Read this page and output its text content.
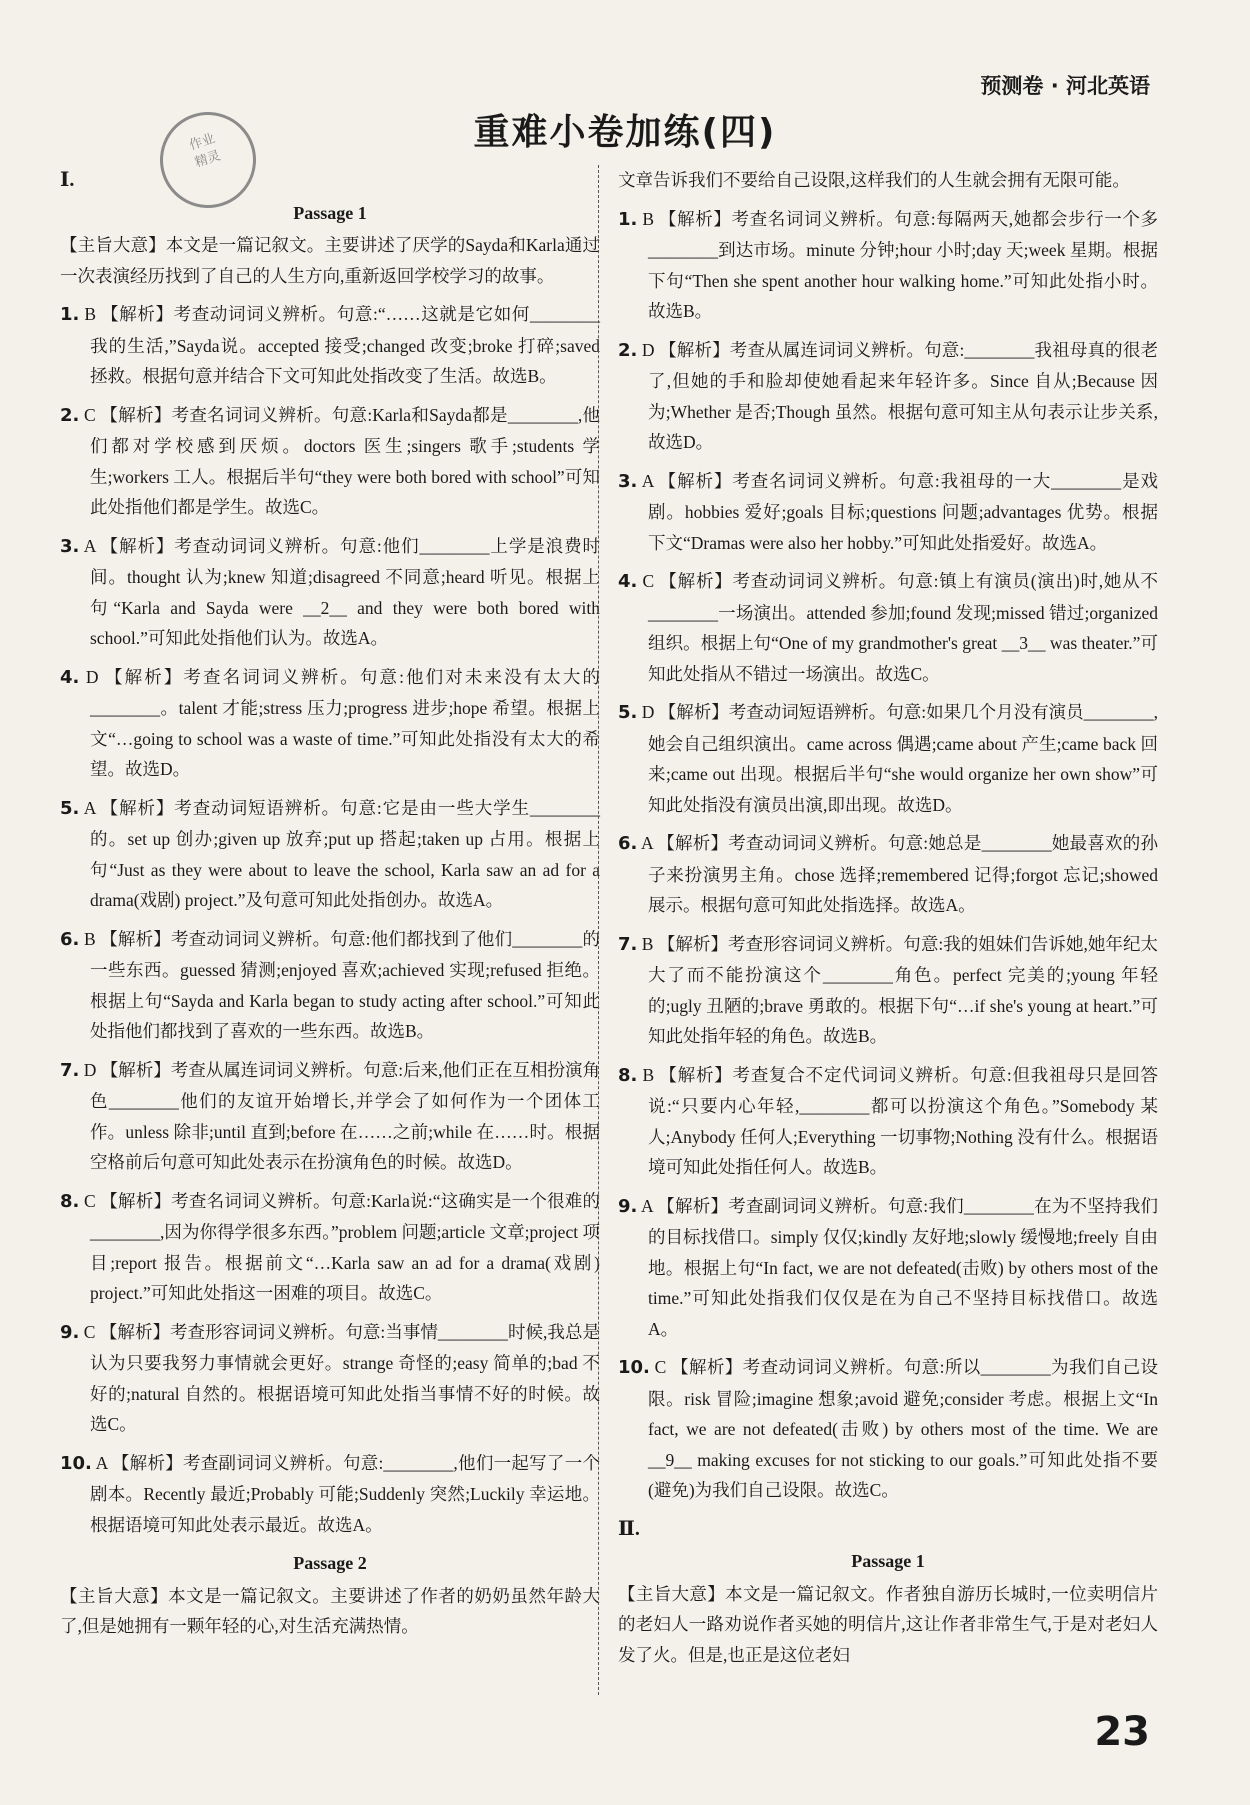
预测卷 · 河北英语
重难小卷加练(四)
作业
精灵
Ⅰ.
Passage 1
【主旨大意】本文是一篇记叙文。主要讲述了厌学的Sayda和Karla通过一次表演经历找到了自己的人生方向,重新返回学校学习的故事。
1. B 【解析】考查动词词义辨析。句意:“……这就是它如何________我的生活,”Sayda说。accepted 接受;changed 改变;broke 打碎;saved 拯救。根据句意并结合下文可知此处指改变了生活。故选B。
2. C 【解析】考查名词词义辨析。句意:Karla和Sayda都是________,他们都对学校感到厌烦。doctors 医生;singers 歌手;students 学生;workers 工人。根据后半句“they were both bored with school”可知此处指他们都是学生。故选C。
3. A 【解析】考查动词词义辨析。句意:他们________上学是浪费时间。thought 认为;knew 知道;disagreed 不同意;heard 听见。根据上句“Karla and Sayda were __2__ and they were both bored with school.”可知此处指他们认为。故选A。
4. D 【解析】考查名词词义辨析。句意:他们对未来没有太大的________。talent 才能;stress 压力;progress 进步;hope 希望。根据上文“…going to school was a waste of time.”可知此处指没有太大的希望。故选D。
5. A 【解析】考查动词短语辨析。句意:它是由一些大学生________的。set up 创办;given up 放弃;put up 搭起;taken up 占用。根据上句“Just as they were about to leave the school, Karla saw an ad for a drama(戏剧) project.”及句意可知此处指创办。故选A。
6. B 【解析】考查动词词义辨析。句意:他们都找到了他们________的一些东西。guessed 猜测;enjoyed 喜欢;achieved 实现;refused 拒绝。根据上句“Sayda and Karla began to study acting after school.”可知此处指他们都找到了喜欢的一些东西。故选B。
7. D 【解析】考查从属连词词义辨析。句意:后来,他们正在互相扮演角色________他们的友谊开始增长,并学会了如何作为一个团体工作。unless 除非;until 直到;before 在……之前;while 在……时。根据空格前后句意可知此处表示在扮演角色的时候。故选D。
8. C 【解析】考查名词词义辨析。句意:Karla说:“这确实是一个很难的________,因为你得学很多东西。”problem 问题;article 文章;project 项目;report 报告。根据前文“…Karla saw an ad for a drama(戏剧) project.”可知此处指这一困难的项目。故选C。
9. C 【解析】考查形容词词义辨析。句意:当事情________时候,我总是认为只要我努力事情就会更好。strange 奇怪的;easy 简单的;bad 不好的;natural 自然的。根据语境可知此处指当事情不好的时候。故选C。
10. A 【解析】考查副词词义辨析。句意:________,他们一起写了一个剧本。Recently 最近;Probably 可能;Suddenly 突然;Luckily 幸运地。根据语境可知此处表示最近。故选A。
Passage 2
【主旨大意】本文是一篇记叙文。主要讲述了作者的奶奶虽然年龄大了,但是她拥有一颗年轻的心,对生活充满热情。
文章告诉我们不要给自己设限,这样我们的人生就会拥有无限可能。
1. B 【解析】考查名词词义辨析。句意:每隔两天,她都会步行一个多________到达市场。minute 分钟;hour 小时;day 天;week 星期。根据下句“Then she spent another hour walking home.”可知此处指小时。故选B。
2. D 【解析】考查从属连词词义辨析。句意:________我祖母真的很老了,但她的手和脸却使她看起来年轻许多。Since 自从;Because 因为;Whether 是否;Though 虽然。根据句意可知主从句表示让步关系,故选D。
3. A 【解析】考查名词词义辨析。句意:我祖母的一大________是戏剧。hobbies 爱好;goals 目标;questions 问题;advantages 优势。根据下文“Dramas were also her hobby.”可知此处指爱好。故选A。
4. C 【解析】考查动词词义辨析。句意:镇上有演员(演出)时,她从不________一场演出。attended 参加;found 发现;missed 错过;organized 组织。根据上句“One of my grandmother's great __3__ was theater.”可知此处指从不错过一场演出。故选C。
5. D 【解析】考查动词短语辨析。句意:如果几个月没有演员________,她会自己组织演出。came across 偶遇;came about 产生;came back 回来;came out 出现。根据后半句“she would organize her own show”可知此处指没有演员出演,即出现。故选D。
6. A 【解析】考查动词词义辨析。句意:她总是________她最喜欢的孙子来扮演男主角。chose 选择;remembered 记得;forgot 忘记;showed 展示。根据句意可知此处指选择。故选A。
7. B 【解析】考查形容词词义辨析。句意:我的姐妹们告诉她,她年纪太大了而不能扮演这个________角色。perfect 完美的;young 年轻的;ugly 丑陋的;brave 勇敢的。根据下句“…if she's young at heart.”可知此处指年轻的角色。故选B。
8. B 【解析】考查复合不定代词词义辨析。句意:但我祖母只是回答说:“只要内心年轻,________都可以扮演这个角色。”Somebody 某人;Anybody 任何人;Everything 一切事物;Nothing 没有什么。根据语境可知此处指任何人。故选B。
9. A 【解析】考查副词词义辨析。句意:我们________在为不坚持我们的目标找借口。simply 仅仅;kindly 友好地;slowly 缓慢地;freely 自由地。根据上句“In fact, we are not defeated(击败) by others most of the time.”可知此处指我们仅仅是在为自己不坚持目标找借口。故选A。
10. C 【解析】考查动词词义辨析。句意:所以________为我们自己设限。risk 冒险;imagine 想象;avoid 避免;consider 考虑。根据上文“In fact, we are not defeated(击败) by others most of the time. We are __9__ making excuses for not sticking to our goals.”可知此处指不要(避免)为我们自己设限。故选C。
Ⅱ.
Passage 1
【主旨大意】本文是一篇记叙文。作者独自游历长城时,一位卖明信片的老妇人一路劝说作者买她的明信片,这让作者非常生气,于是对老妇人发了火。但是,也正是这位老妇
23
